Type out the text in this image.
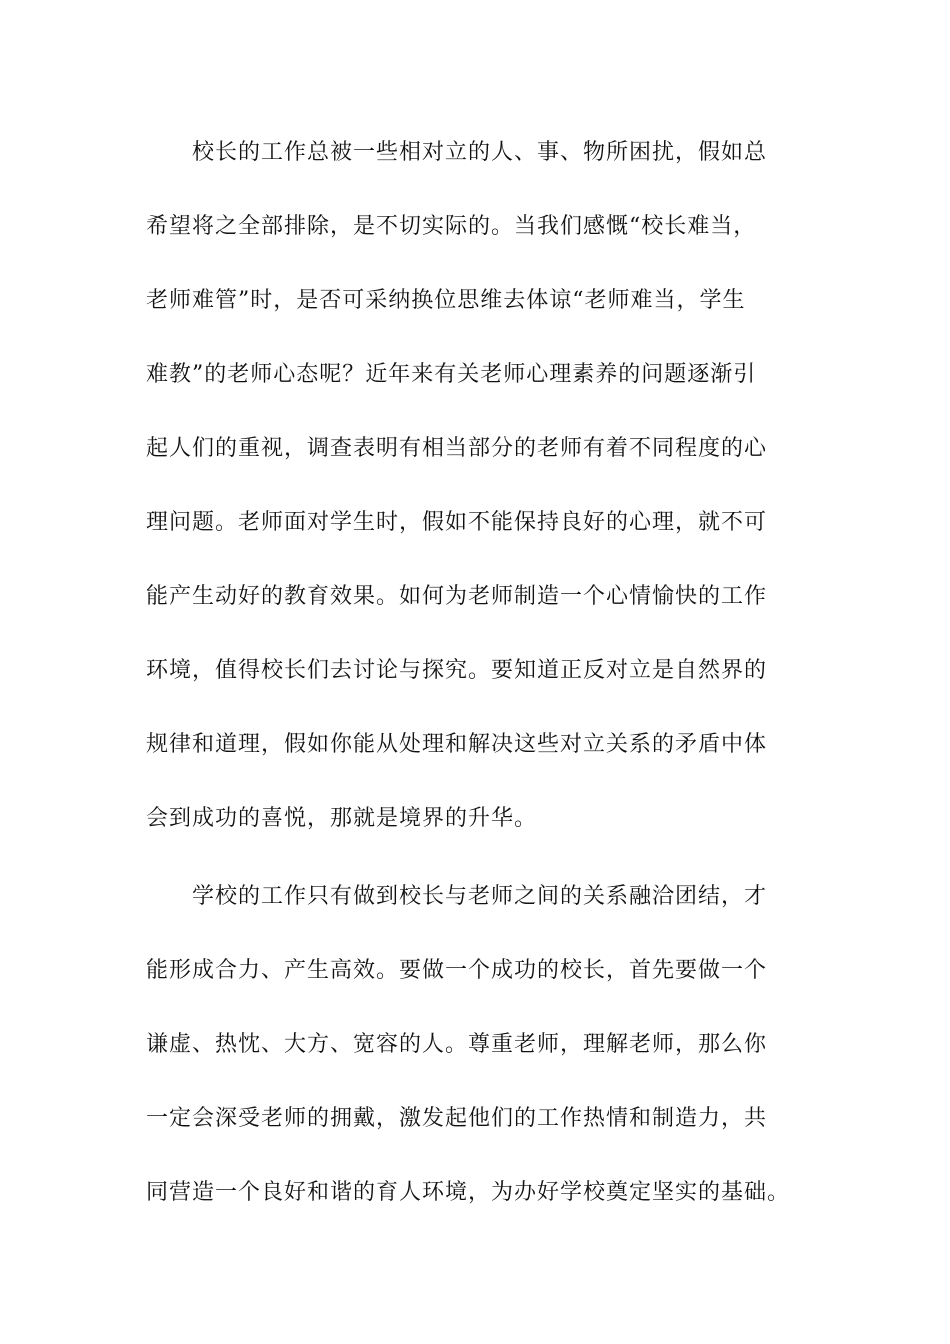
校长的工作总被一些相对立的人、事、物所困扰，假如总
希望将之全部排除，是不切实际的。当我们感慨“校长难当，
老师难管”时，是否可采纳换位思维去体谅“老师难当，学生
难教”的老师心态呢？近年来有关老师心理素养的问题逐渐引
起人们的重视，调查表明有相当部分的老师有着不同程度的心
理问题。老师面对学生时，假如不能保持良好的心理，就不可
能产生动好的教育效果。如何为老师制造一个心情愉快的工作
环境，值得校长们去讨论与探究。要知道正反对立是自然界的
规律和道理，假如你能从处理和解决这些对立关系的矛盾中体
会到成功的喜悦，那就是境界的升华。
学校的工作只有做到校长与老师之间的关系融洽团结，才
能形成合力、产生高效。要做一个成功的校长，首先要做一个
谦虚、热忱、大方、宽容的人。尊重老师，理解老师，那么你
一定会深受老师的拥戴，激发起他们的工作热情和制造力，共
同营造一个良好和谐的育人环境，为办好学校奠定坚实的基础。
